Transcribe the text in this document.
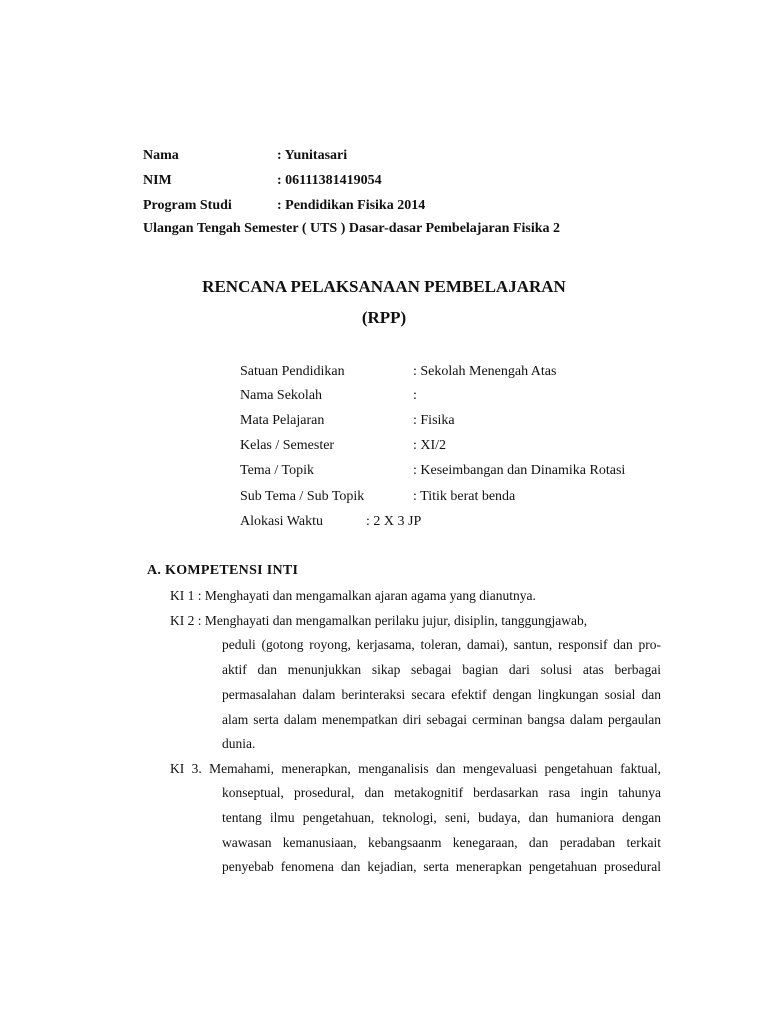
Nama	: Yunitasari
NIM	: 06111381419054
Program Studi	: Pendidikan Fisika 2014
Ulangan Tengah Semester ( UTS ) Dasar-dasar Pembelajaran Fisika 2
RENCANA PELAKSANAAN PEMBELAJARAN
(RPP)
Satuan Pendidikan	: Sekolah Menengah Atas
Nama Sekolah	:
Mata Pelajaran	: Fisika
Kelas / Semester	: XI/2
Tema / Topik	: Keseimbangan dan Dinamika Rotasi
Sub Tema / Sub Topik	: Titik berat benda
Alokasi Waktu	: 2 X 3 JP
A. KOMPETENSI INTI
KI 1 : Menghayati dan mengamalkan ajaran agama yang dianutnya.
KI 2 : Menghayati dan mengamalkan perilaku jujur, disiplin, tanggungjawab,
peduli (gotong royong, kerjasama, toleran, damai), santun, responsif dan pro-
aktif dan menunjukkan sikap sebagai bagian dari solusi atas berbagai
permasalahan dalam berinteraksi secara efektif dengan lingkungan sosial dan
alam serta dalam menempatkan diri sebagai cerminan bangsa dalam pergaulan
dunia.
KI 3. Memahami, menerapkan, menganalisis dan mengevaluasi pengetahuan faktual,
konseptual, prosedural, dan metakognitif berdasarkan rasa ingin tahunya
tentang ilmu pengetahuan, teknologi, seni, budaya, dan humaniora dengan
wawasan kemanusiaan, kebangsaanm kenegaraan, dan peradaban terkait
penyebab fenomena dan kejadian, serta menerapkan pengetahuan prosedural
